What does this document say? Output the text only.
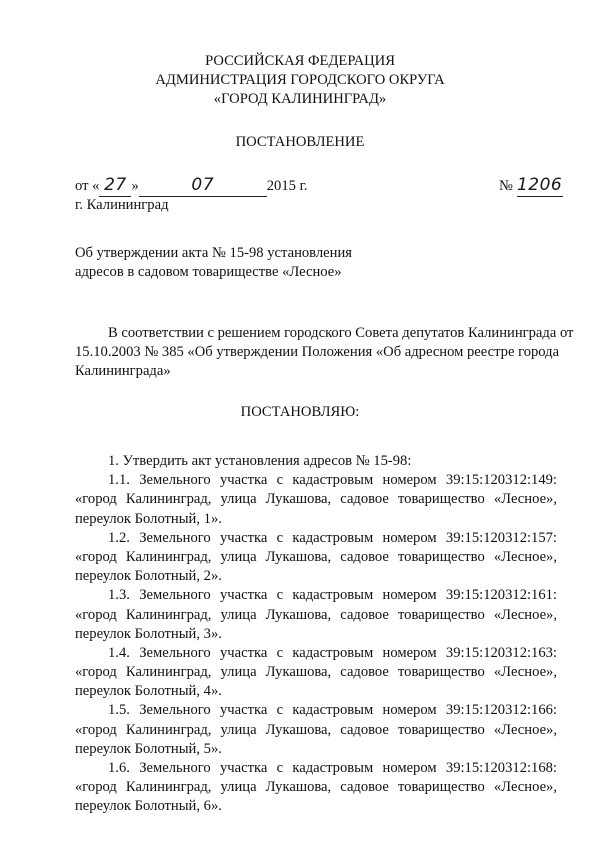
РОССИЙСКАЯ ФЕДЕРАЦИЯ
АДМИНИСТРАЦИЯ ГОРОДСКОГО ОКРУГА
«ГОРОД КАЛИНИНГРАД»
ПОСТАНОВЛЕНИЕ
от « 27 »	07	2015 г.	№ 1206
г. Калининград
Об утверждении акта № 15-98 установления
адресов в садовом товариществе «Лесное»
В соответствии с решением городского Совета депутатов Калининграда от
15.10.2003 № 385 «Об утверждении Положения «Об адресном реестре города
Калининграда»
ПОСТАНОВЛЯЮ:
1. Утвердить акт установления адресов № 15-98:
1.1. Земельного участка с кадастровым номером 39:15:120312:149:
«город Калининград, улица Лукашова, садовое товарищество «Лесное»,
переулок Болотный, 1».
1.2. Земельного участка с кадастровым номером 39:15:120312:157:
«город Калининград, улица Лукашова, садовое товарищество «Лесное»,
переулок Болотный, 2».
1.3. Земельного участка с кадастровым номером 39:15:120312:161:
«город Калининград, улица Лукашова, садовое товарищество «Лесное»,
переулок Болотный, 3».
1.4. Земельного участка с кадастровым номером 39:15:120312:163:
«город Калининград, улица Лукашова, садовое товарищество «Лесное»,
переулок Болотный, 4».
1.5. Земельного участка с кадастровым номером 39:15:120312:166:
«город Калининград, улица Лукашова, садовое товарищество «Лесное»,
переулок Болотный, 5».
1.6. Земельного участка с кадастровым номером 39:15:120312:168:
«город Калининград, улица Лукашова, садовое товарищество «Лесное»,
переулок Болотный, 6».
